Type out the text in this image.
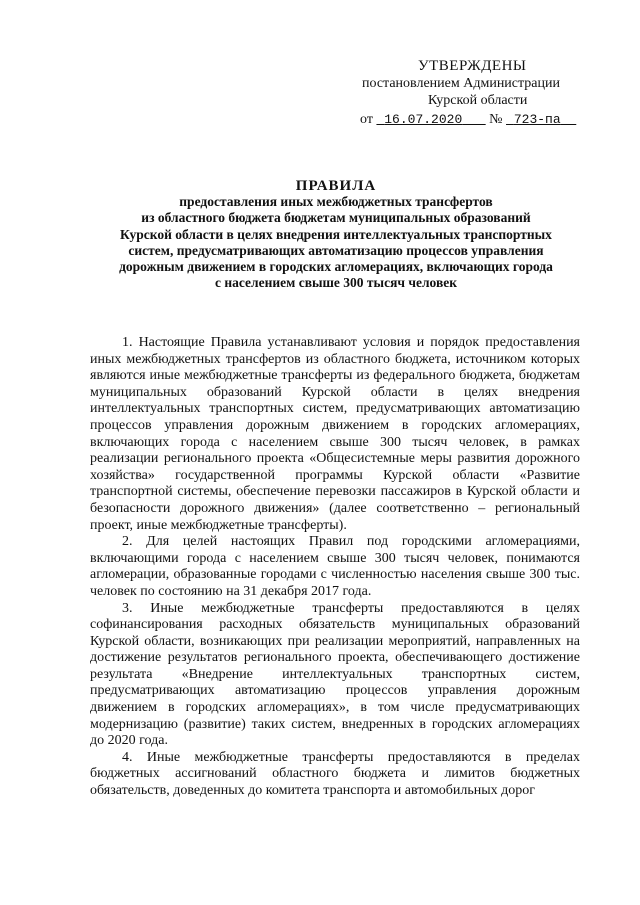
УТВЕРЖДЕНЫ
постановлением Администрации
Курской области
от 16.07.2020 № 723-па
ПРАВИЛА
предоставления иных межбюджетных трансфертов
из областного бюджета бюджетам муниципальных образований
Курской области в целях внедрения интеллектуальных транспортных
систем, предусматривающих автоматизацию процессов управления
дорожным движением в городских агломерациях, включающих города
с населением свыше 300 тысяч человек

1. Настоящие Правила устанавливают условия и порядок предоставления иных межбюджетных трансфертов из областного бюджета, источником которых являются иные межбюджетные трансферты из федерального бюджета, бюджетам муниципальных образований Курской области в целях внедрения интеллектуальных транспортных систем, предусматривающих автоматизацию процессов управления дорожным движением в городских агломерациях, включающих города с населением свыше 300 тысяч человек, в рамках реализации регионального проекта «Общесистемные меры развития дорожного хозяйства» государственной программы Курской области «Развитие транспортной системы, обеспечение перевозки пассажиров в Курской области и безопасности дорожного движения» (далее соответственно – региональный проект, иные межбюджетные трансферты).

2. Для целей настоящих Правил под городскими агломерациями, включающими города с населением свыше 300 тысяч человек, понимаются агломерации, образованные городами с численностью населения свыше 300 тыс. человек по состоянию на 31 декабря 2017 года.

3. Иные межбюджетные трансферты предоставляются в целях софинансирования расходных обязательств муниципальных образований Курской области, возникающих при реализации мероприятий, направленных на достижение результатов регионального проекта, обеспечивающего достижение результата «Внедрение интеллектуальных транспортных систем, предусматривающих автоматизацию процессов управления дорожным движением в городских агломерациях», в том числе предусматривающих модернизацию (развитие) таких систем, внедренных в городских агломерациях до 2020 года.

4. Иные межбюджетные трансферты предоставляются в пределах бюджетных ассигнований областного бюджета и лимитов бюджетных обязательств, доведенных до комитета транспорта и автомобильных дорог
